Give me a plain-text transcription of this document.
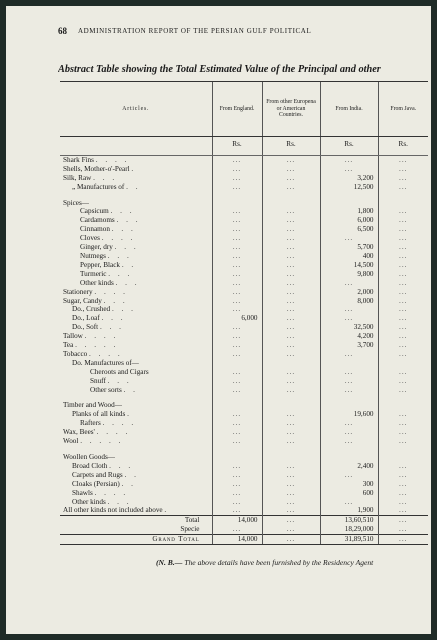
68 ADMINISTRATION REPORT OF THE PERSIAN GULF POLITICAL
Abstract Table showing the Total Estimated Value of the Principal and other
Articles.	From England.	From other Europena or American Countries.	From India.	From Java.
	Rs.	Rs.	Rs.	Rs.
Shark Fins . . . .	...	...	...	...
Shells, Mother-o'-Pearl .	...	...	...	...
Silk, Raw . . .	...	...	3,200	...
„ Manufactures of . .	...	...	12,500	...

Spices—				
Capsicum . . .	...	...	1,800	...
Cardamoms . . .	...	...	6,000	...
Cinnamon . . .	...	...	6,500	...
Cloves . . . .	...	...	...	...
Ginger, dry . . .	...	...	5,700	...
Nutmegs . . .	...	...	400	...
Pepper, Black . .	...	...	14,500	...
Turmeric . . .	...	...	9,800	...
Other kinds . . .	...	...	...	...
Stationery . . . .	...	...	2,000	...
Sugar, Candy . . .	...	...	8,000	...
Do., Crushed . . .	...	...	...	...
Do., Loaf . . .	6,000	...	...	...
Do., Soft . . .	...	...	32,500	...
Tallow . . . .	...	...	4,200	...
Tea . . . . .	...	...	3,700	...
Tobacco . . . .	...	...	...	...
Do. Manufactures of—				
Cheroots and Cigars	...	...	...	...
Snuff . . .	...	...	...	...
Other sorts . .	...	...	...	...

Timber and Wood—				
Planks of all kinds .	...	...	19,600	...
Rafters . . . .	...	...	...	...
Wax, Bees' . . . .	...	...	...	...
Wool . . . . .	...	...	...	...

Woollen Goods—				
Broad Cloth . . .	...	...	2,400	...
Carpets and Rugs . .	...	...	...	...
Cloaks (Persian) . .	...	...	300	...
Shawls . . . .	...	...	600	...
Other kinds . . .	...	...	...	...
All other kinds not included above .	...	...	1,900	...
Total	14,000	...	13,60,510	...
Specie	...	...	18,29,000	...
Grand Total	14,000	...	31,89,510	...
(N. B.— The above details have been furnished by the Residency Agent
